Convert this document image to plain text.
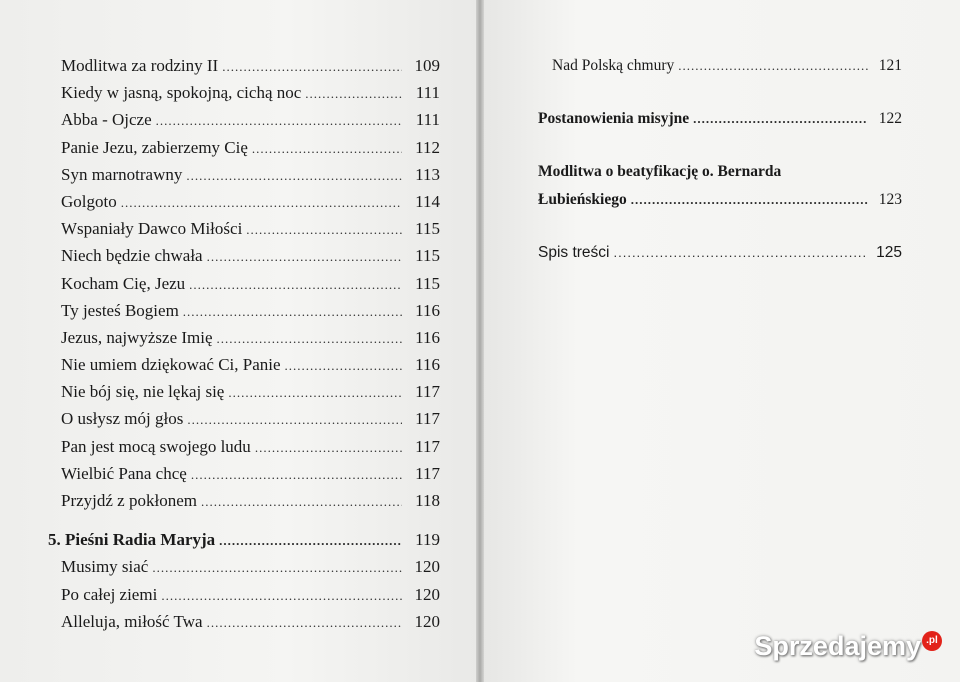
Modlitwa za rodziny II .....	109
Kiedy w jasną, spokojną, cichą noc .....	111
Abba - Ojcze .....	111
Panie Jezu, zabierzemy Cię .....	112
Syn marnotrawny .....	113
Golgoto .....	114
Wspaniały Dawco Miłości .....	115
Niech będzie chwała .....	115
Kocham Cię, Jezu .....	115
Ty jesteś Bogiem .....	116
Jezus, najwyższe Imię .....	116
Nie umiem dziękować Ci, Panie .....	116
Nie bój się, nie lękaj się .....	117
O usłysz mój głos .....	117
Pan jest mocą swojego ludu .....	117
Wielbić Pana chcę .....	117
Przyjdź z pokłonem .....	118
5. Pieśni Radia Maryja .....	119
Musimy siać .....	120
Po całej ziemi .....	120
Alleluja, miłość Twa .....	120
Nad Polską chmury .....	121
Postanowienia misyjne .....	122
Modlitwa o beatyfikację o. Bernarda
Łubieńskiego .....	123
Spis treści .....	125
Sprzedajemy .pl
